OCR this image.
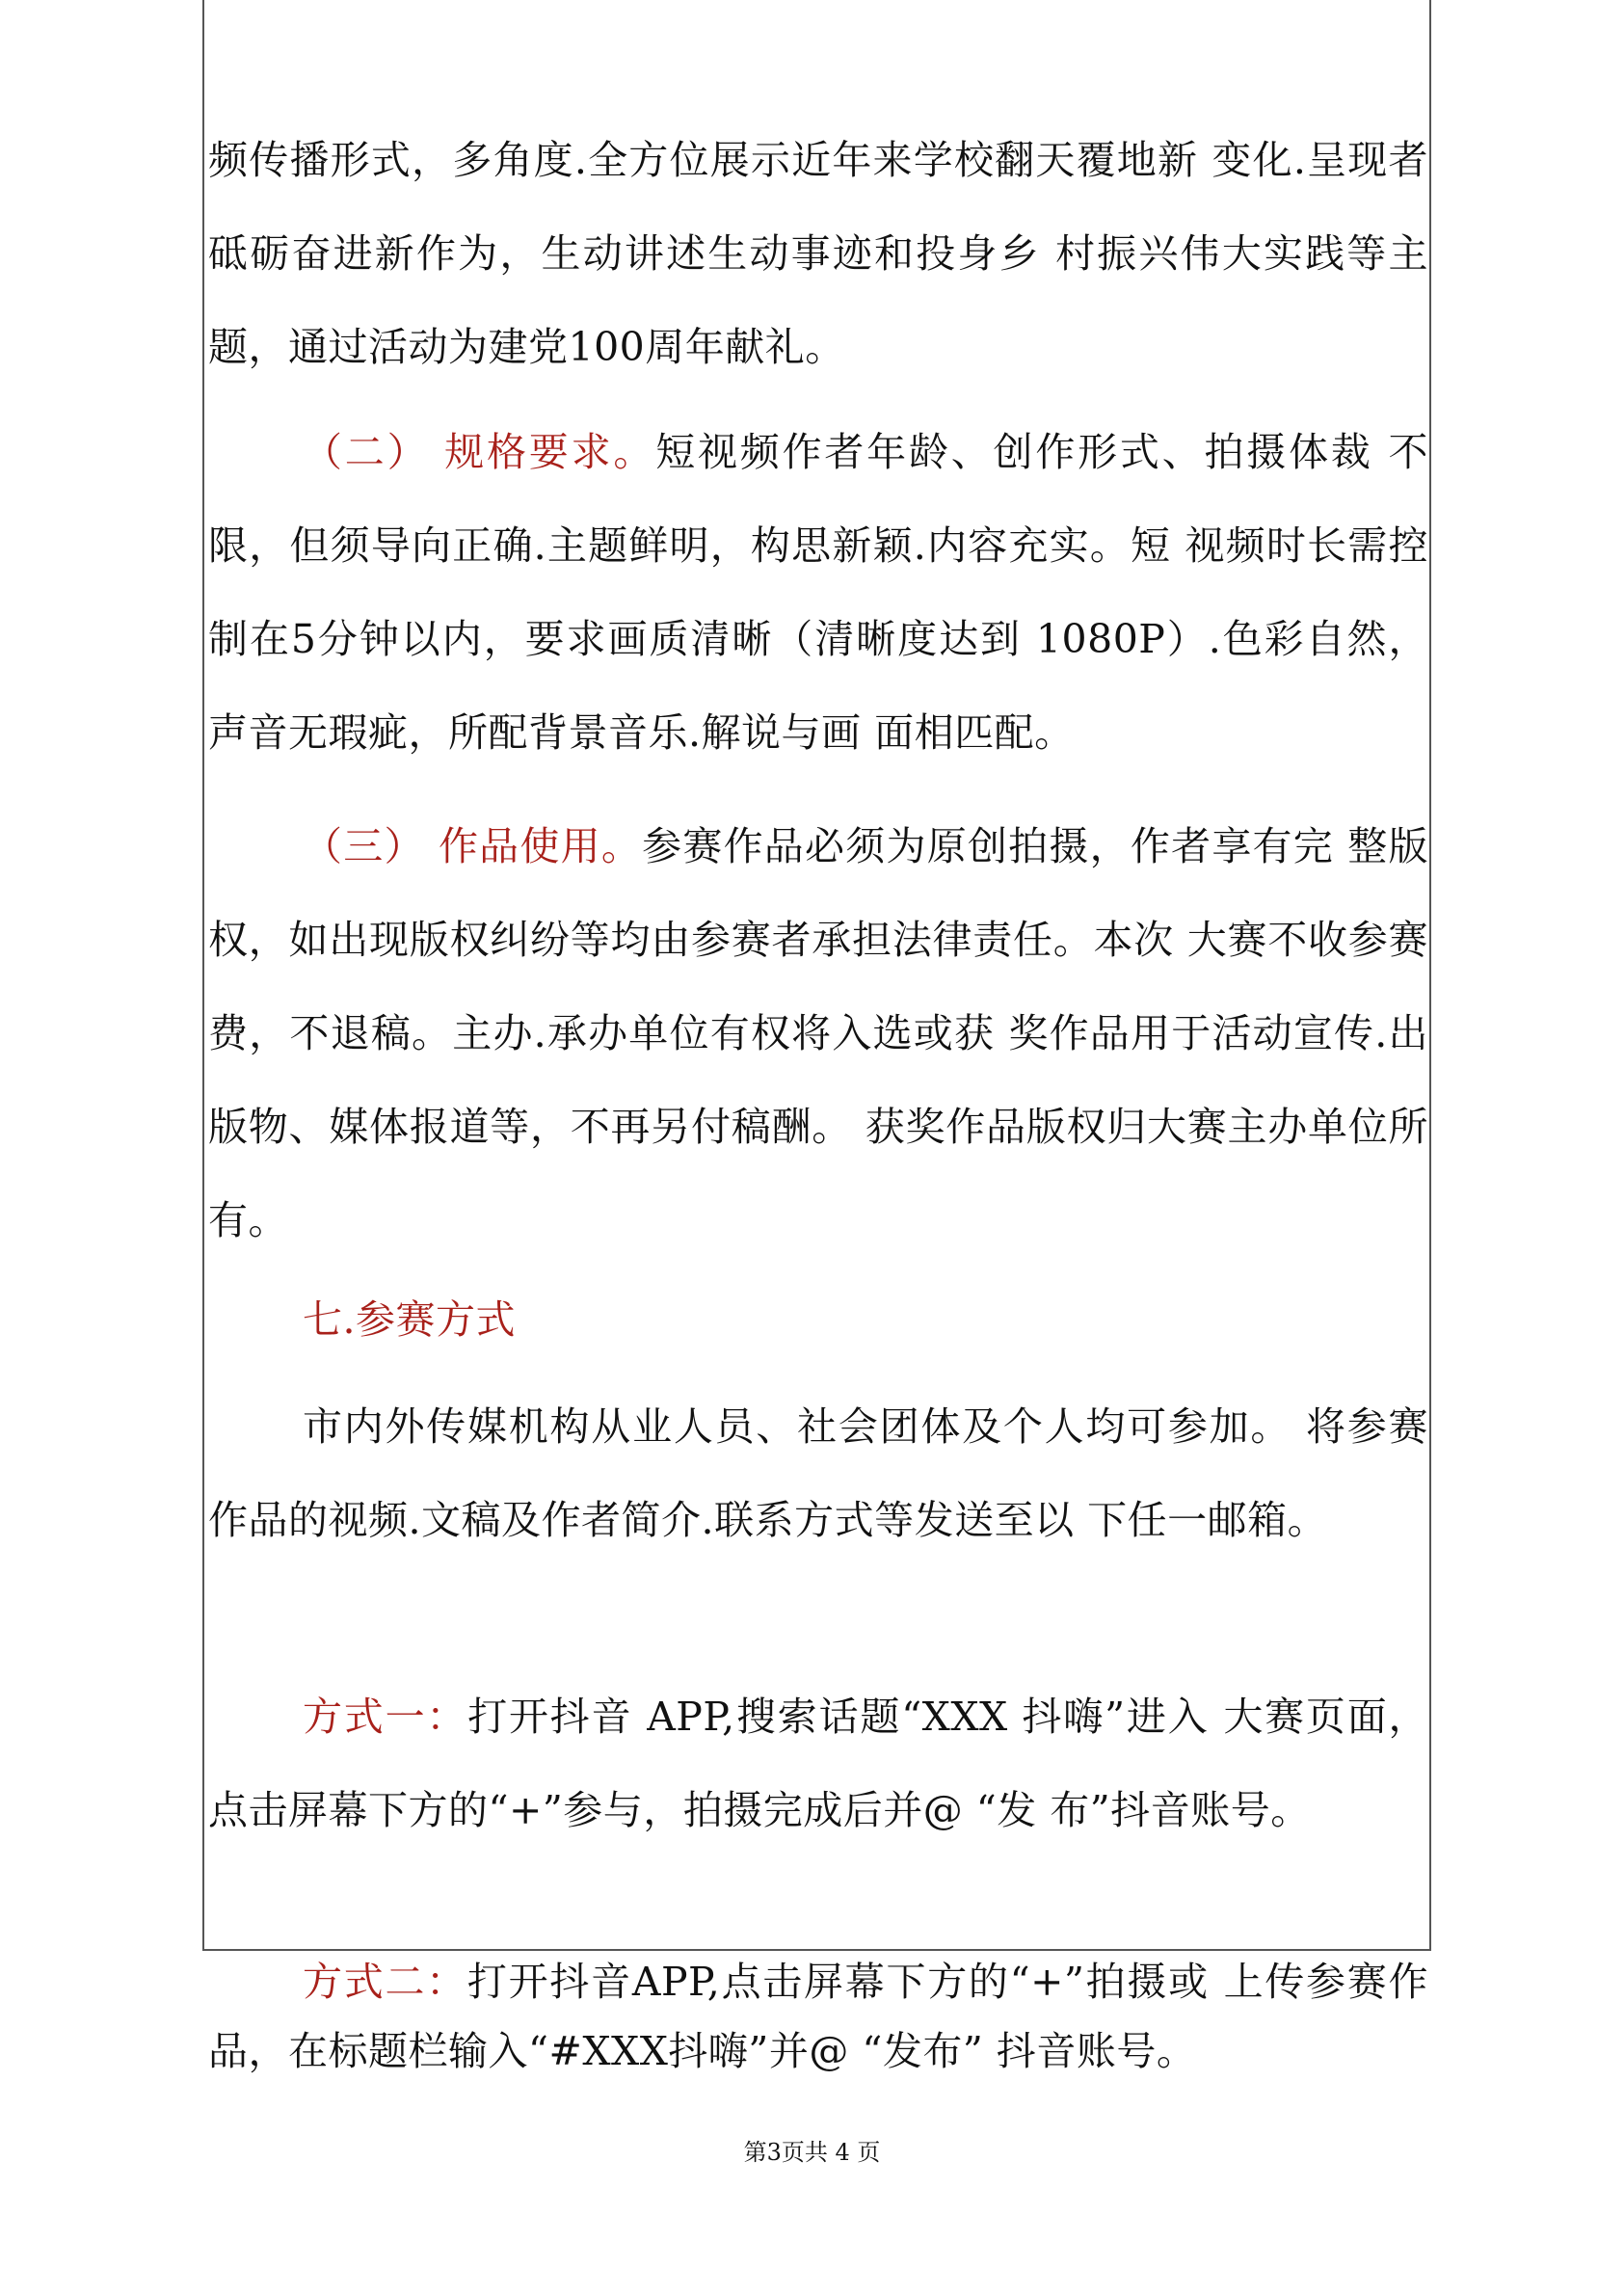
频传播形式，多角度.全方位展示近年来学校翻天覆地新 变化.呈现者砥砺奋进新作为，生动讲述生动事迹和投身乡 村振兴伟大实践等主题，通过活动为建党100周年献礼。

（二） 规格要求。短视频作者年龄、创作形式、拍摄体裁 不限，但须导向正确.主题鲜明，构思新颖.内容充实。短 视频时长需控制在5分钟以内，要求画质清晰（清晰度达到 1080P）.色彩自然，声音无瑕疵，所配背景音乐.解说与画 面相匹配。

（三） 作品使用。参赛作品必须为原创拍摄，作者享有完 整版权，如出现版权纠纷等均由参赛者承担法律责任。本次 大赛不收参赛费，不退稿。主办.承办单位有权将入选或获 奖作品用于活动宣传.出版物、媒体报道等，不再另付稿酬。 获奖作品版权归大赛主办单位所有。

七.参赛方式

市内外传媒机构从业人员、社会团体及个人均可参加。 将参赛作品的视频.文稿及作者简介.联系方式等发送至以 下任一邮箱。

方式一：打开抖音 APP,搜索话题“XXX 抖嗨”进入 大赛页面，点击屏幕下方的“+”参与，拍摄完成后并@ “发 布”抖音账号。

方式二：打开抖音APP,点击屏幕下方的“+”拍摄或 上传参赛作品，在标题栏输入“#XXX抖嗨”并@ “发布” 抖音账号。

第3页共 4 页
